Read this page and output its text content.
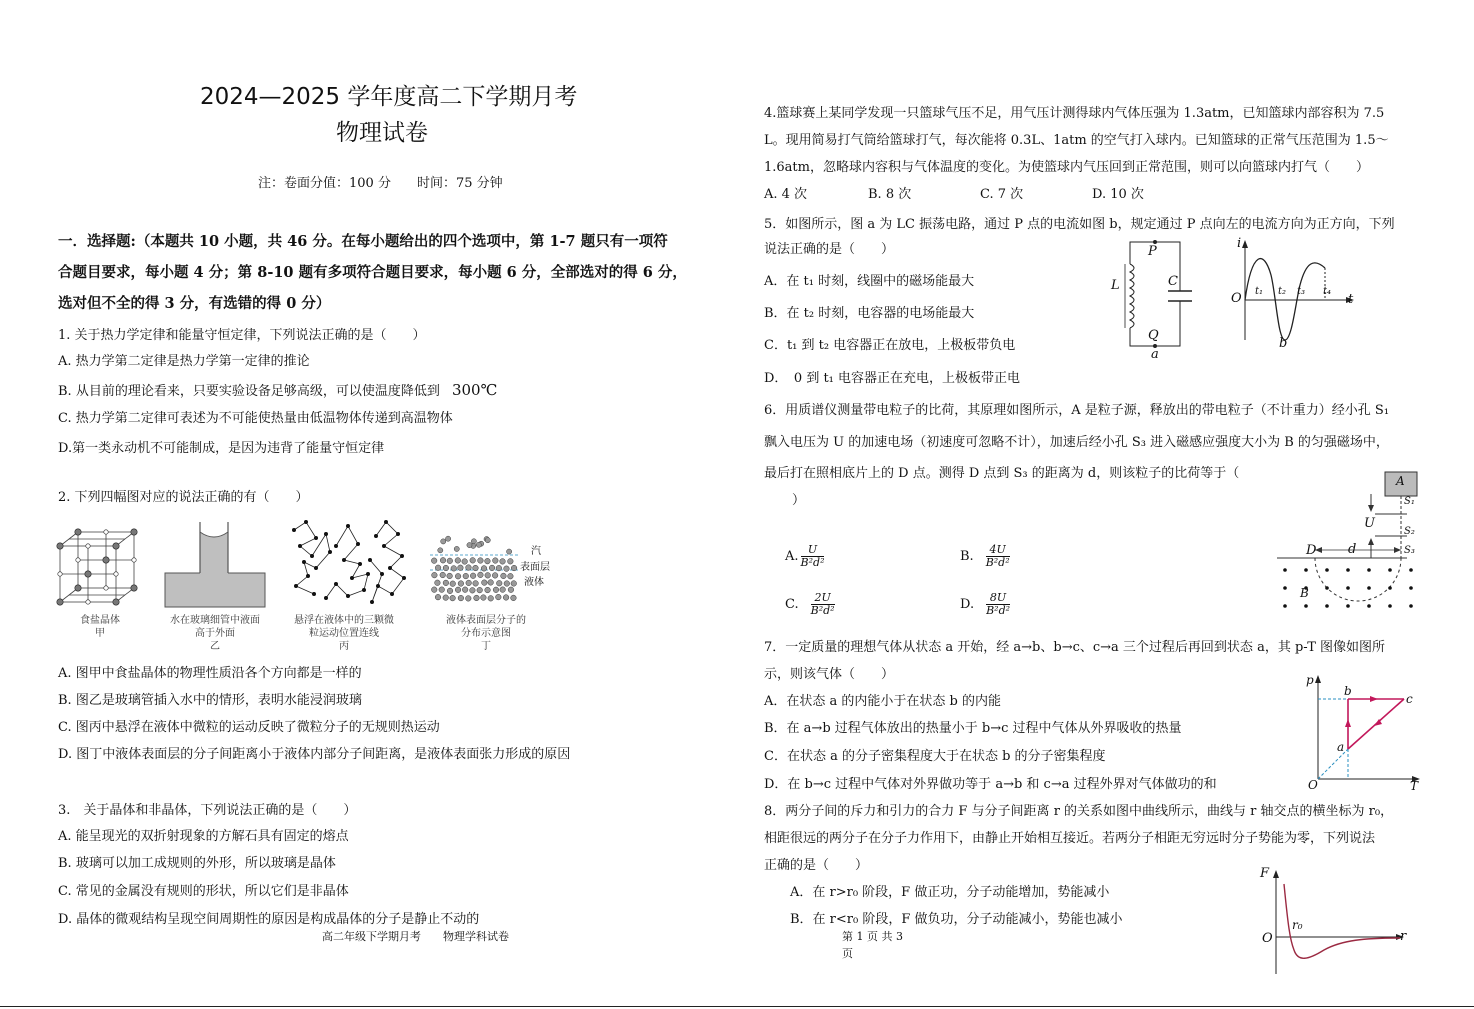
2024—2025 学年度高二下学期月考
物理试卷
注：卷面分值：100 分　　时间：75 分钟
一．选择题:（本题共 10 小题，共 46 分。在每小题给出的四个选项中，第 1-7 题只有一项符
合题目要求，每小题 4 分；第 8-10 题有多项符合题目要求，每小题 6 分，全部选对的得 6 分，
选对但不全的得 3 分，有选错的得 0 分）
1. 关于热力学定律和能量守恒定律，下列说法正确的是（　　）
A. 热力学第二定律是热力学第一定律的推论
B. 从目前的理论看来，只要实验设备足够高级，可以使温度降低到 300℃
C. 热力学第二定律可表述为不可能使热量由低温物体传递到高温物体
D.第一类永动机不可能制成，是因为违背了能量守恒定律
2. 下列四幅图对应的说法正确的有（　　）
食盐晶体
甲
水在玻璃细管中液面高于外面
乙
悬浮在液体中的三颗微粒运动位置连线
丙
汽
表面层
液体
液体表面层分子的分布示意图
丁
A. 图甲中食盐晶体的物理性质沿各个方向都是一样的
B. 图乙是玻璃管插入水中的情形，表明水能浸润玻璃
C. 图丙中悬浮在液体中微粒的运动反映了微粒分子的无规则热运动
D. 图丁中液体表面层的分子间距离小于液体内部分子间距离，是液体表面张力形成的原因
3.　关于晶体和非晶体，下列说法正确的是（　　）
A. 能呈现光的双折射现象的方解石具有固定的熔点
B. 玻璃可以加工成规则的外形，所以玻璃是晶体
C. 常见的金属没有规则的形状，所以它们是非晶体
D. 晶体的微观结构呈现空间周期性的原因是构成晶体的分子是静止不动的
高二年级下学期月考　　物理学科试卷	第 1 页 共 3
页
4.篮球赛上某同学发现一只篮球气压不足，用气压计测得球内气体压强为 1.3atm，已知篮球内部容积为 7.5
L。现用简易打气筒给篮球打气，每次能将 0.3L、1atm 的空气打入球内。已知篮球的正常气压范围为 1.5～
1.6atm，忽略球内容积与气体温度的变化。为使篮球内气压回到正常范围，则可以向篮球内打气（　　）
A. 4 次	B. 8 次	C. 7 次	D. 10 次
5．如图所示，图 a 为 LC 振荡电路，通过 P 点的电流如图 b，规定通过 P 点向左的电流方向为正方向，下列
说法正确的是（　　）
A．在 t₁ 时刻，线圈中的磁场能最大
B．在 t₂ 时刻，电容器的电场能最大
C．t₁ 到 t₂ 电容器正在放电，上极板带负电
D．　0 到 t₁ 电容器正在充电，上极板带正电
P
Q
L	C
a
i
O	t
b
t₁ t₂ t₃ t₄
6．用质谱仪测量带电粒子的比荷，其原理如图所示，A 是粒子源，释放出的带电粒子（不计重力）经小孔 S₁
飘入电压为 U 的加速电场（初速度可忽略不计），加速后经小孔 S₃ 进入磁感应强度大小为 B 的匀强磁场中，
最后打在照相底片上的 D 点。测得 D 点到 S₃ 的距离为 d，则该粒子的比荷等于（
）
A. $\frac{U}{\text{B²d²}}$	B. $\frac{4U}{\text{B²d²}}$
C. $\frac{2U}{\text{B²d²}}$	D. $\frac{8U}{\text{B²d²}}$
A
S₁
S₂
S₃
U
D d
B
7．一定质量的理想气体从状态 a 开始，经 a→b、b→c、c→a 三个过程后再回到状态 a，其 p-T 图像如图所
示，则该气体（　　）
A．在状态 a 的内能小于在状态 b 的内能
B．在 a→b 过程气体放出的热量小于 b→c 过程中气体从外界吸收的热量
C．在状态 a 的分子密集程度大于在状态 b 的分子密集程度
D．在 b→c 过程中气体对外界做功等于 a→b 和 c→a 过程外界对气体做功的和
p
T
O
a
b
c
8．两分子间的斥力和引力的合力 F 与分子间距离 r 的关系如图中曲线所示，曲线与 r 轴交点的横坐标为 r₀，
相距很远的两分子在分子力作用下，由静止开始相互接近。若两分子相距无穷远时分子势能为零，下列说法
正确的是（　　）
A．在 r>r₀ 阶段，F 做正功，分子动能增加，势能减小
B．在 r<r₀ 阶段，F 做负功，分子动能减小，势能也减小
F
O	r
r₀
